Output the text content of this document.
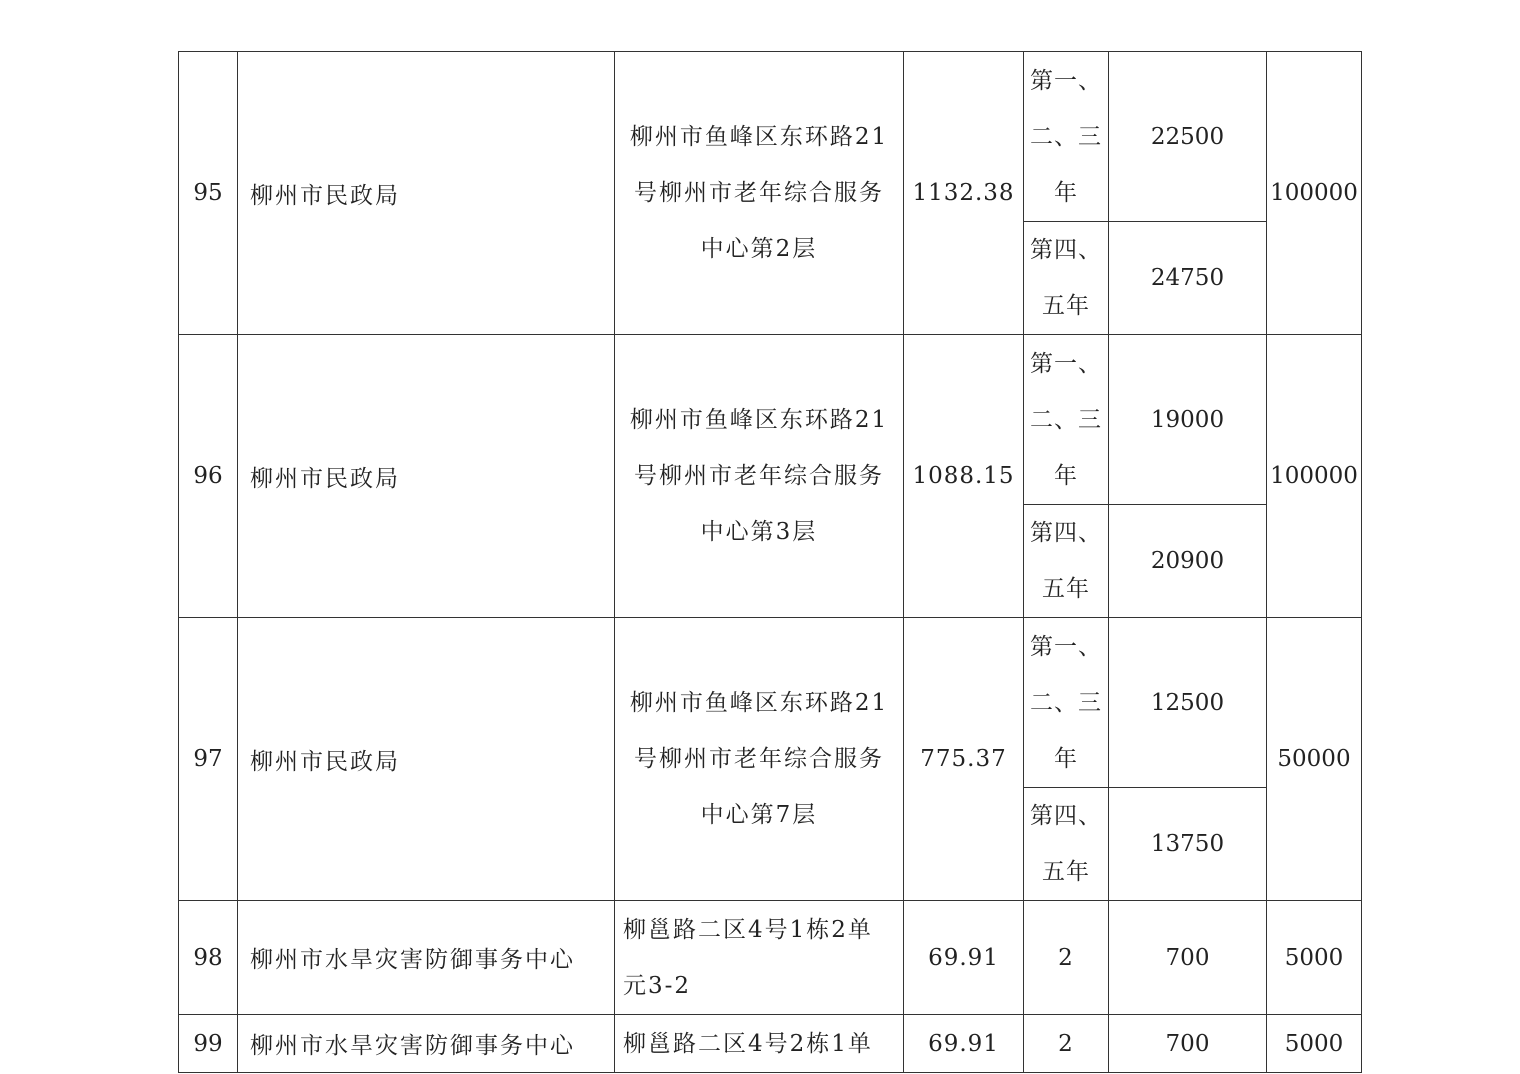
95	柳州市民政局	柳州市鱼峰区东环路21号柳州市老年综合服务中心第2层	1132.38	第一、二、三年	22500	100000

				第四、五年	24750	
96	柳州市民政局	柳州市鱼峰区东环路21号柳州市老年综合服务中心第3层	1088.15	第一、二、三年	19000	100000

				第四、五年	20900	
97	柳州市民政局	柳州市鱼峰区东环路21号柳州市老年综合服务中心第7层	775.37	第一、二、三年	12500	50000

				第四、五年	13750	
98	柳州市水旱灾害防御事务中心	柳邕路二区4号1栋2单元3-2	69.91	2	700	5000
99	柳州市水旱灾害防御事务中心	柳邕路二区4号2栋1单	69.91	2	700	5000
